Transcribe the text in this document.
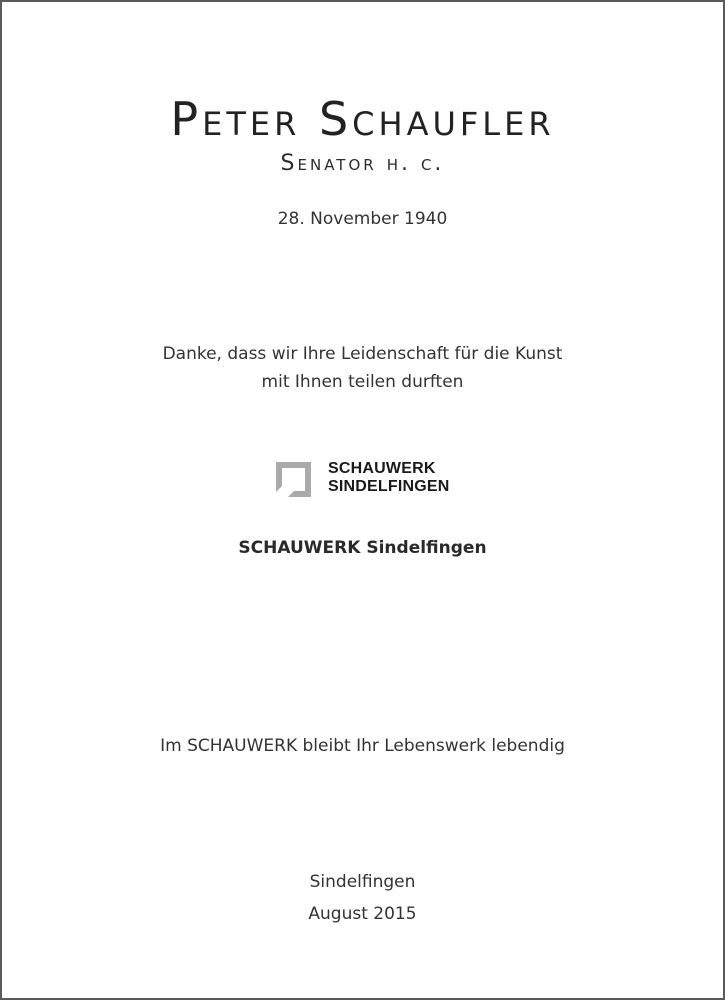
Peter Schaufler
Senator h. c.
28. November 1940
Danke, dass wir Ihre Leidenschaft für die Kunst
mit Ihnen teilen durften
SCHAUWERK
SINDELFINGEN
SCHAUWERK Sindelfingen
Im SCHAUWERK bleibt Ihr Lebenswerk lebendig
Sindelfingen
August 2015
